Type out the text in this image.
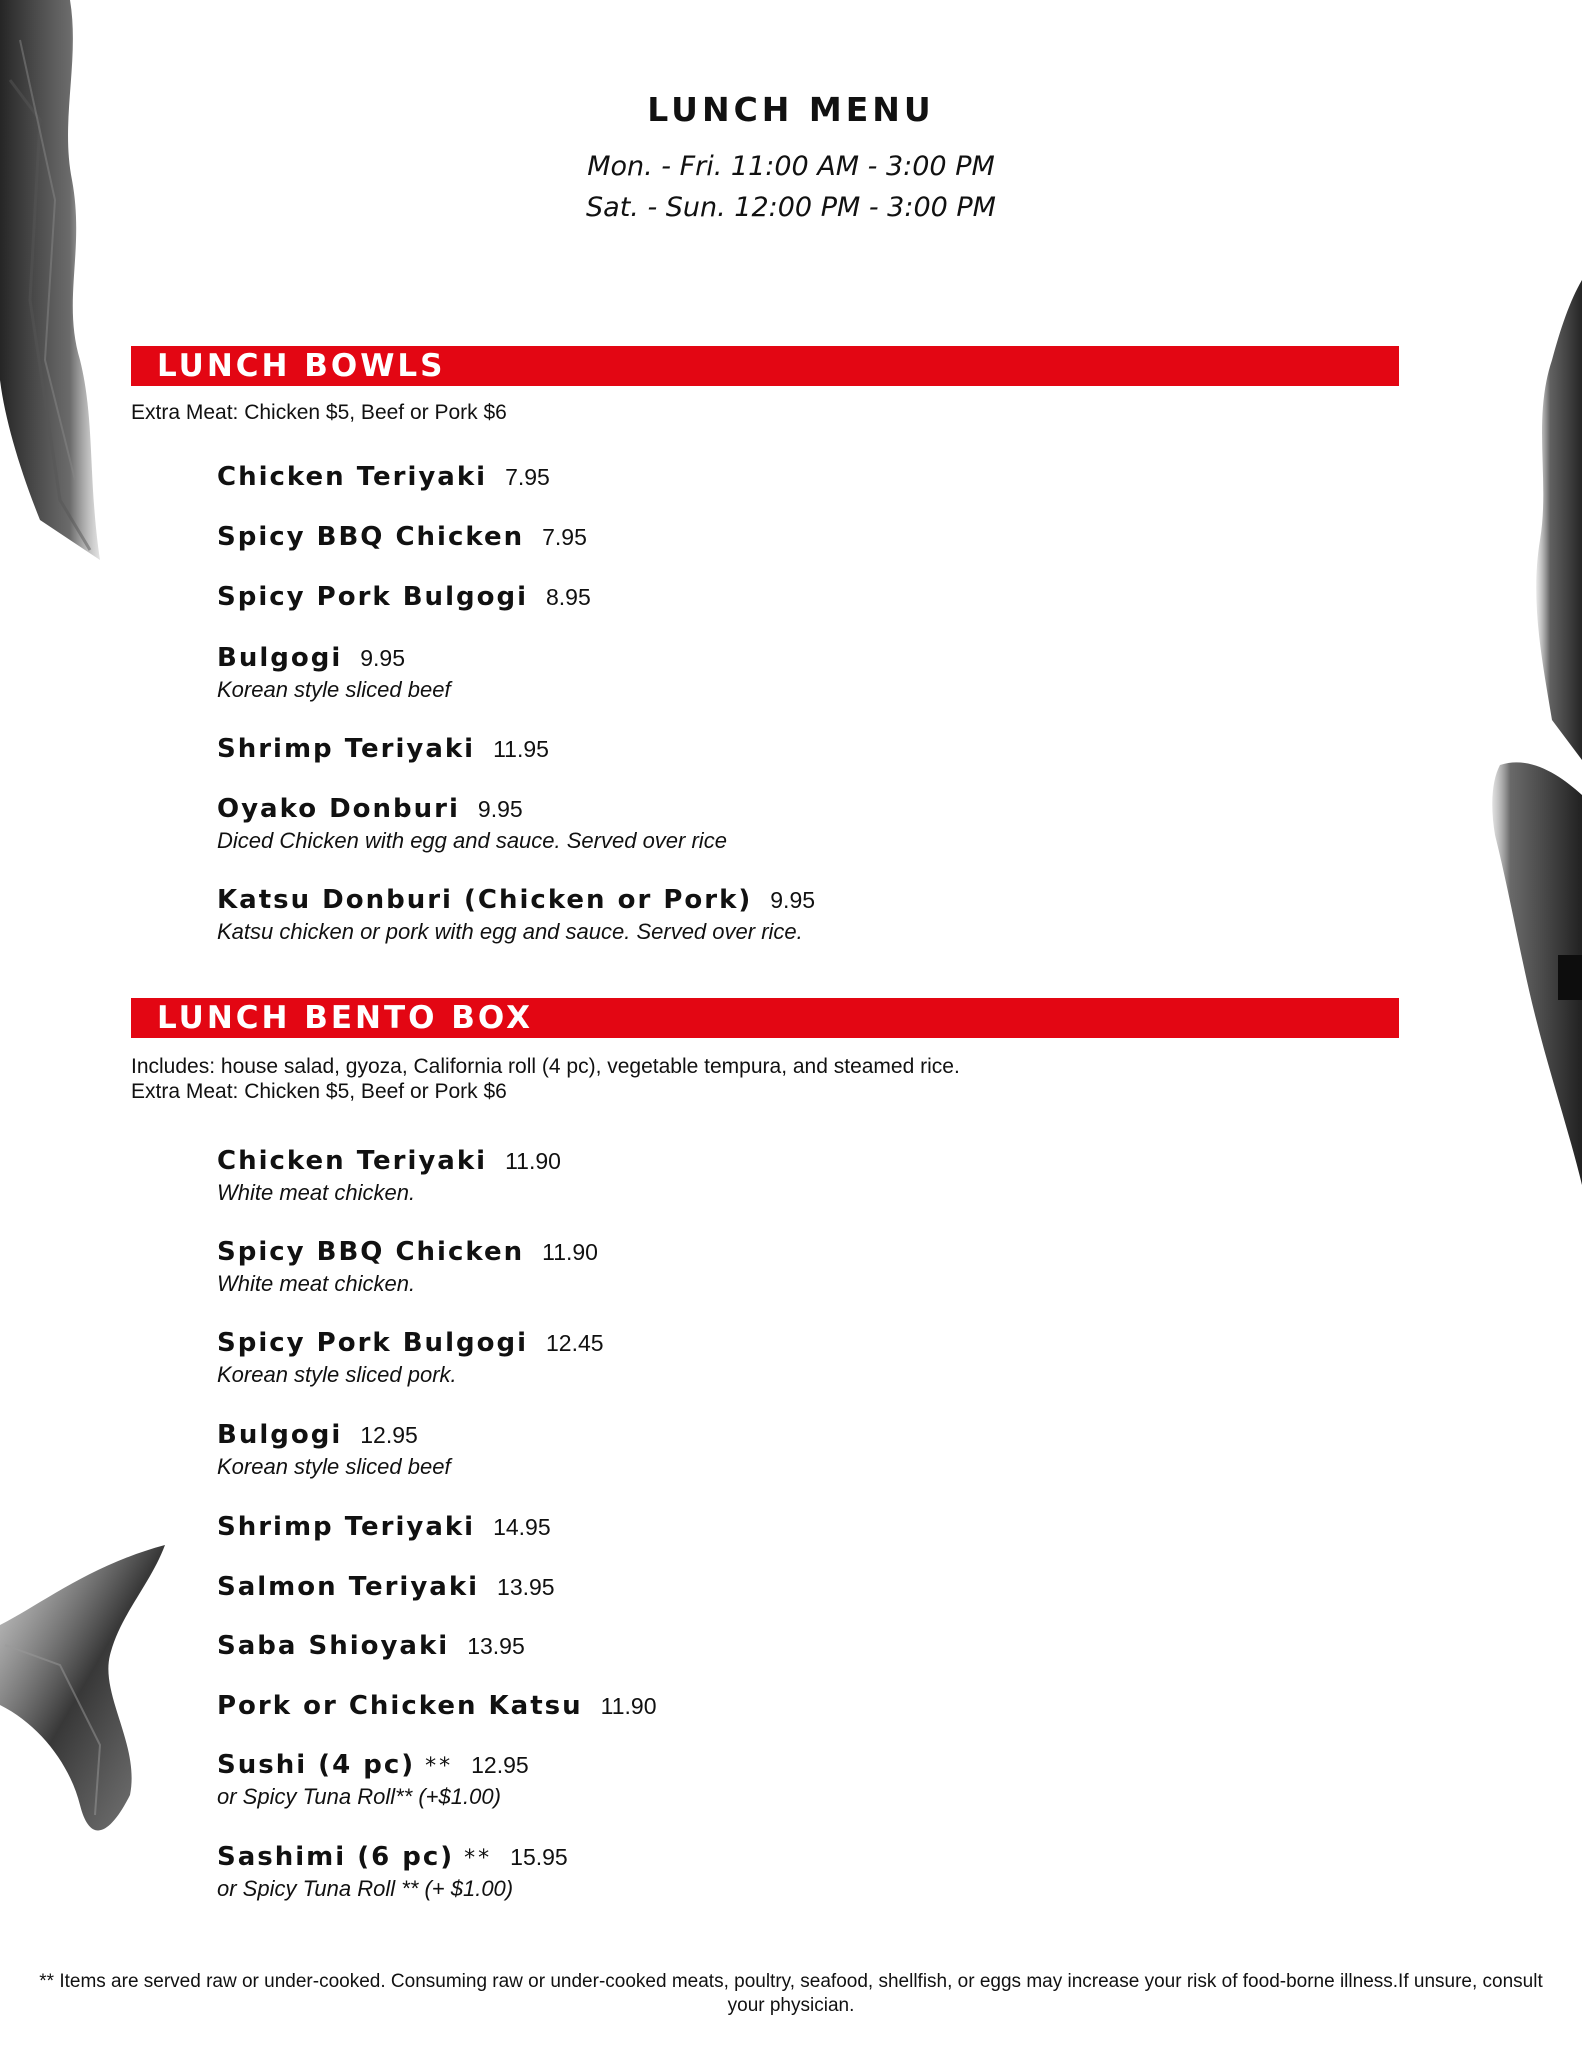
LUNCH MENU
Mon. - Fri. 11:00 AM - 3:00 PM
Sat. - Sun. 12:00 PM - 3:00 PM
LUNCH BOWLS
Extra Meat: Chicken $5, Beef or Pork $6
Chicken Teriyaki 7.95
Spicy BBQ Chicken 7.95
Spicy Pork Bulgogi 8.95
Bulgogi 9.95
Korean style sliced beef
Shrimp Teriyaki 11.95
Oyako Donburi 9.95
Diced Chicken with egg and sauce. Served over rice
Katsu Donburi (Chicken or Pork) 9.95
Katsu chicken or pork with egg and sauce. Served over rice.
LUNCH BENTO BOX
Includes: house salad, gyoza, California roll (4 pc), vegetable tempura, and steamed rice.
Extra Meat: Chicken $5, Beef or Pork $6
Chicken Teriyaki 11.90
White meat chicken.
Spicy BBQ Chicken 11.90
White meat chicken.
Spicy Pork Bulgogi 12.45
Korean style sliced pork.
Bulgogi 12.95
Korean style sliced beef
Shrimp Teriyaki 14.95
Salmon Teriyaki 13.95
Saba Shioyaki 13.95
Pork or Chicken Katsu 11.90
Sushi (4 pc) ** 12.95
or Spicy Tuna Roll** (+$1.00)
Sashimi (6 pc) ** 15.95
or Spicy Tuna Roll ** (+ $1.00)
** Items are served raw or under-cooked. Consuming raw or under-cooked meats, poultry, seafood, shellfish, or eggs may increase your risk of food-borne illness.If unsure, consult your physician.
